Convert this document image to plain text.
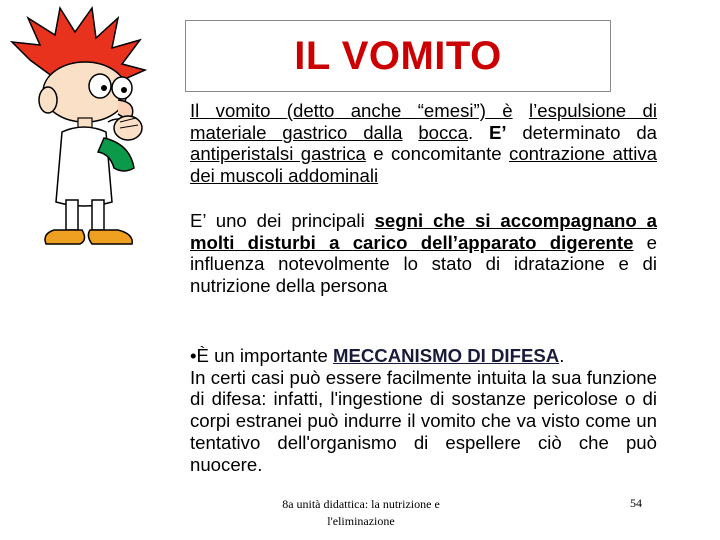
IL VOMITO
Il vomito (detto anche “emesi”) è l’espulsione di materiale gastrico dalla bocca. E’ determinato da antiperistalsi gastrica e concomitante contrazione attiva dei muscoli addominali
E’ uno dei principali segni che si accompagnano a molti disturbi a carico dell’apparato digerente e influenza notevolmente lo stato di idratazione e di nutrizione della persona
•È un importante MECCANISMO DI DIFESA.
In certi casi può essere facilmente intuita la sua funzione di difesa: infatti, l'ingestione di sostanze pericolose o di corpi estranei può indurre il vomito che va visto come un tentativo dell'organismo di espellere ciò che può nuocere.
8a unità didattica: la nutrizione e l'eliminazione
54
